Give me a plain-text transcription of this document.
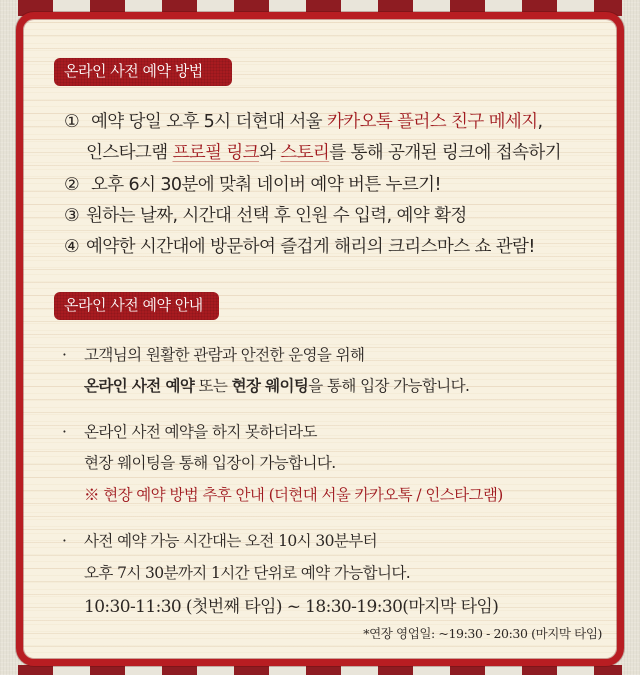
온라인 사전 예약 방법
① 예약 당일 오후 5시 더현대 서울 카카오톡 플러스 친구 메세지,
인스타그램 프로필 링크와 스토리를 통해 공개된 링크에 접속하기
② 오후 6시 30분에 맞춰 네이버 예약 버튼 누르기!
③ 원하는 날짜, 시간대 선택 후 인원 수 입력, 예약 확정
④ 예약한 시간대에 방문하여 즐겁게 해리의 크리스마스 쇼 관람!
온라인 사전 예약 안내
· 고객님의 원활한 관람과 안전한 운영을 위해
온라인 사전 예약 또는 현장 웨이팅을 통해 입장 가능합니다.
· 온라인 사전 예약을 하지 못하더라도
현장 웨이팅을 통해 입장이 가능합니다.
※ 현장 예약 방법 추후 안내 (더현대 서울 카카오톡 / 인스타그램)
· 사전 예약 가능 시간대는 오전 10시 30분부터
오후 7시 30분까지 1시간 단위로 예약 가능합니다.
10:30-11:30 (첫번째 타임) ~ 18:30-19:30(마지막 타임)
*연장 영업일: ~19:30 - 20:30 (마지막 타임)
